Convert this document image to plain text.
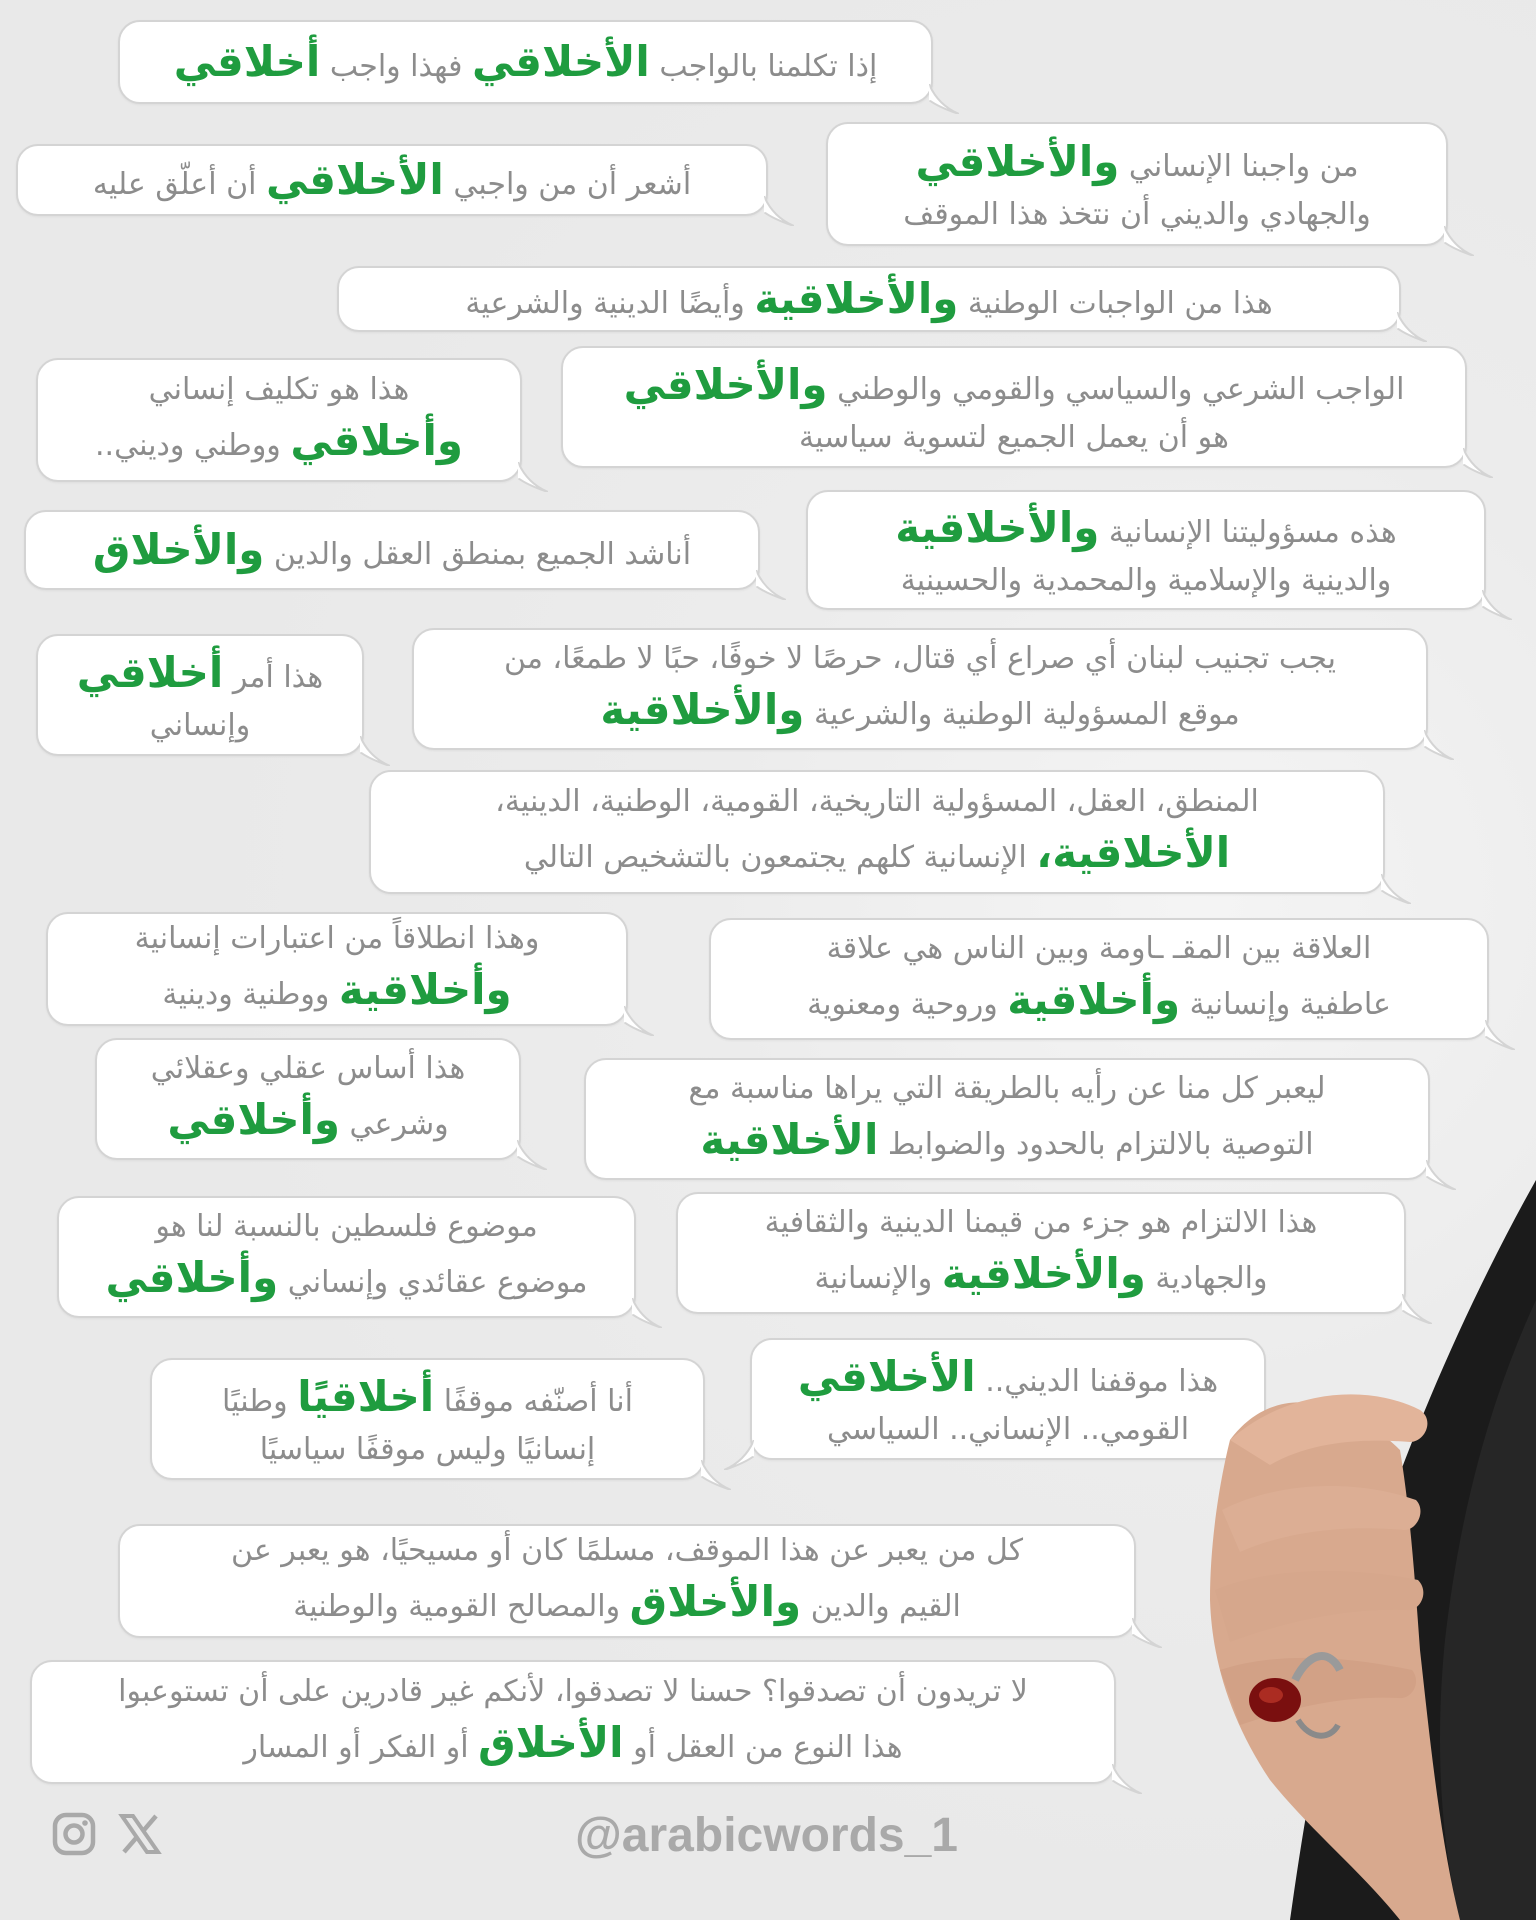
إذا تكلمنا بالواجب الأخلاقي فهذا واجب أخلاقي
أشعر أن من واجبي الأخلاقي أن أعلّق عليه
من واجبنا الإنساني والأخلاقي
والجهادي والديني أن نتخذ هذا الموقف
هذا من الواجبات الوطنية والأخلاقية وأيضًا الدينية والشرعية
هذا هو تكليف إنساني
وأخلاقي ووطني وديني..
الواجب الشرعي والسياسي والقومي والوطني والأخلاقي
هو أن يعمل الجميع لتسوية سياسية
أناشد الجميع بمنطق العقل والدين والأخلاق	هذه مسؤوليتنا الإنسانية والأخلاقية
والدينية والإسلامية والمحمدية والحسينية
هذا أمر أخلاقي
وإنساني
يجب تجنيب لبنان أي صراع أي قتال، حرصًا لا خوفًا، حبًا لا طمعًا، من
موقع المسؤولية الوطنية والشرعية والأخلاقية
المنطق، العقل، المسؤولية التاريخية، القومية، الوطنية، الدينية،
الأخلاقية، الإنسانية كلهم يجتمعون بالتشخيص التالي
وهذا انطلاقاً من اعتبارات إنسانية
وأخلاقية ووطنية ودينية
العلاقة بين المقـ ـاومة وبين الناس هي علاقة
عاطفية وإنسانية وأخلاقية وروحية ومعنوية
هذا أساس عقلي وعقلائي
وشرعي وأخلاقي
ليعبر كل منا عن رأيه بالطريقة التي يراها مناسبة مع
التوصية بالالتزام بالحدود والضوابط الأخلاقية
موضوع فلسطين بالنسبة لنا هو
موضوع عقائدي وإنساني وأخلاقي
هذا الالتزام هو جزء من قيمنا الدينية والثقافية
والجهادية والأخلاقية والإنسانية
أنا أصنّفه موقفًا أخلاقيًا وطنيًا
إنسانيًا وليس موقفًا سياسيًا
هذا موقفنا الديني.. الأخلاقي
القومي.. الإنساني.. السياسي
كل من يعبر عن هذا الموقف، مسلمًا كان أو مسيحيًا، هو يعبر عن
القيم والدين والأخلاق والمصالح القومية والوطنية
لا تريدون أن تصدقوا؟ حسنا لا تصدقوا، لأنكم غير قادرين على أن تستوعبوا
هذا النوع من العقل أو الأخلاق أو الفكر أو المسار
@arabicwords_1
